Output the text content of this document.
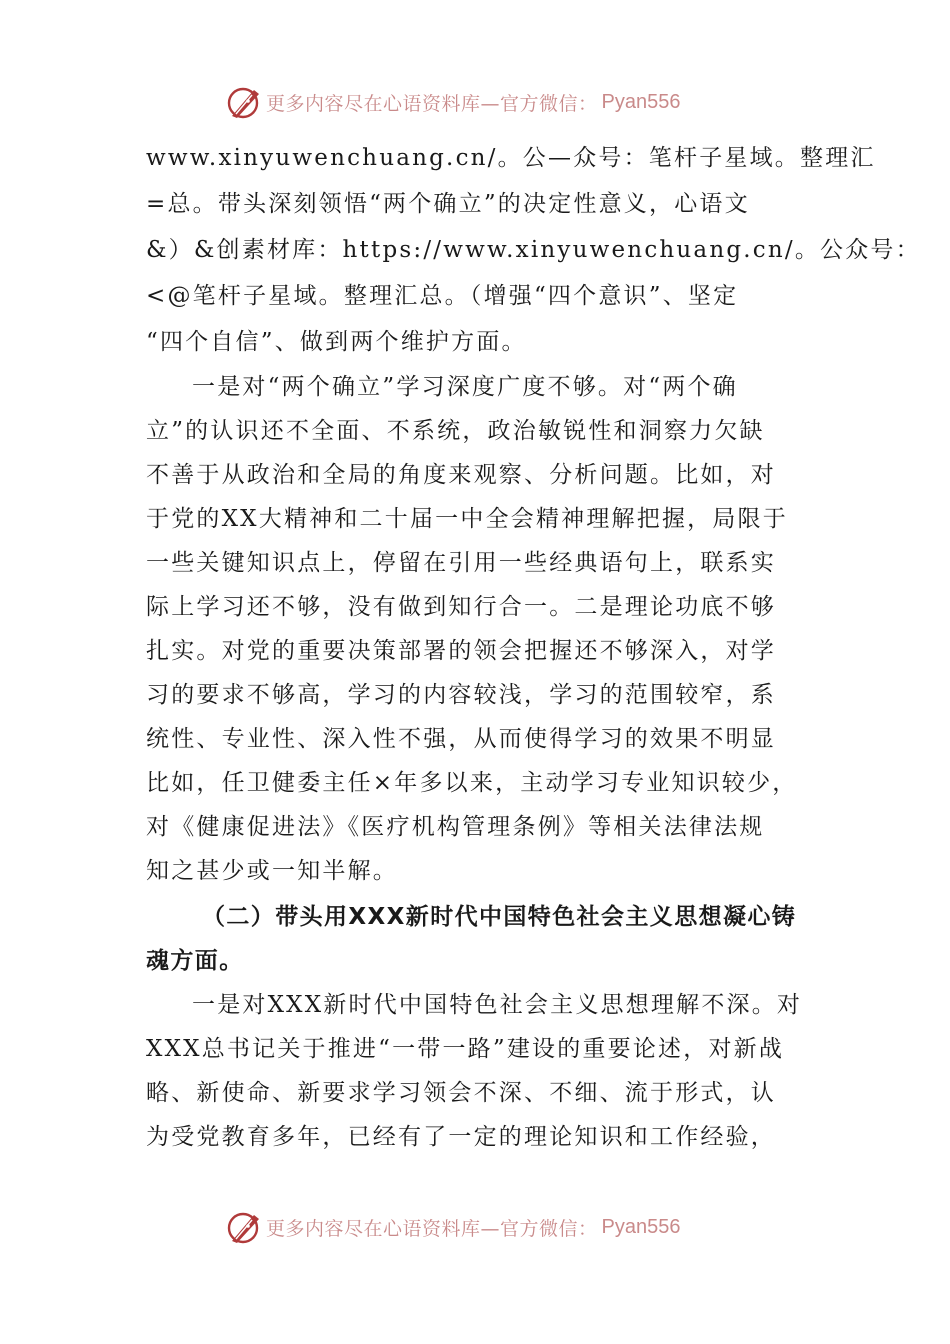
更多内容尽在心语资料库—官方微信： Pyan556
www.xinyuwenchuang.cn/。公—众号：笔杆子星域。整理汇
=总。带头深刻领悟“两个确立”的决定性意义，心语文
&）&创素材库：https://www.xinyuwenchuang.cn/。公众号：
<@笔杆子星域。整理汇总。（增强“四个意识”、坚定
“四个自信”、做到两个维护方面。
一是对“两个确立”学习深度广度不够。对“两个确
立”的认识还不全面、不系统，政治敏锐性和洞察力欠缺
不善于从政治和全局的角度来观察、分析问题。比如，对
于党的XX大精神和二十届一中全会精神理解把握，局限于
一些关键知识点上，停留在引用一些经典语句上，联系实
际上学习还不够，没有做到知行合一。二是理论功底不够
扎实。对党的重要决策部署的领会把握还不够深入，对学
习的要求不够高，学习的内容较浅，学习的范围较窄，系
统性、专业性、深入性不强，从而使得学习的效果不明显
比如，任卫健委主任×年多以来，主动学习专业知识较少，
对《健康促进法》《医疗机构管理条例》等相关法律法规
知之甚少或一知半解。
（二）带头用XXX新时代中国特色社会主义思想凝心铸
魂方面。
一是对XXX新时代中国特色社会主义思想理解不深。对
XXX总书记关于推进“一带一路”建设的重要论述，对新战
略、新使命、新要求学习领会不深、不细、流于形式，认
为受党教育多年，已经有了一定的理论知识和工作经验，
更多内容尽在心语资料库—官方微信： Pyan556
